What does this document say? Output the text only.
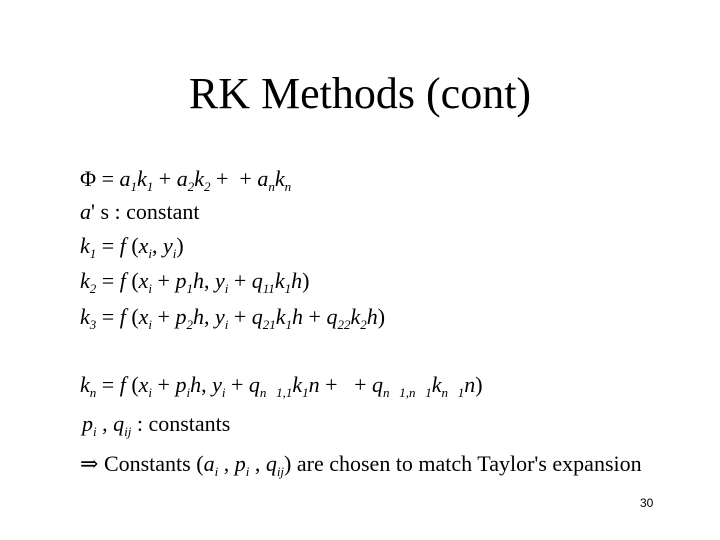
RK Methods (cont)
$\Phi = a_1k_1 + a_2k_2$ +  + $a_nk_n$
a' s : constant
$k_1 = f$ ($x_i$, $y_i$)
$k_2 = f$ ($x_i + p_1h$, $y_i + q_{11}k_1h$)
$k_3 = f$ ($x_i + p_2h$, $y_i + q_{21}k_1h + q_{22}k_2h$)
$k_n = f$ ($x_i + p_ih$, $y_i + q_{n 1,1}k_1n$ +   + $q_{n 1,n 1}k_{n 1}n$)
$p_i$ , $q_{ij}$ : constants
⇒ Constants ($a_i$ , $p_i$ , $q_{ij}$) are chosen to match Taylor's expansion
30
